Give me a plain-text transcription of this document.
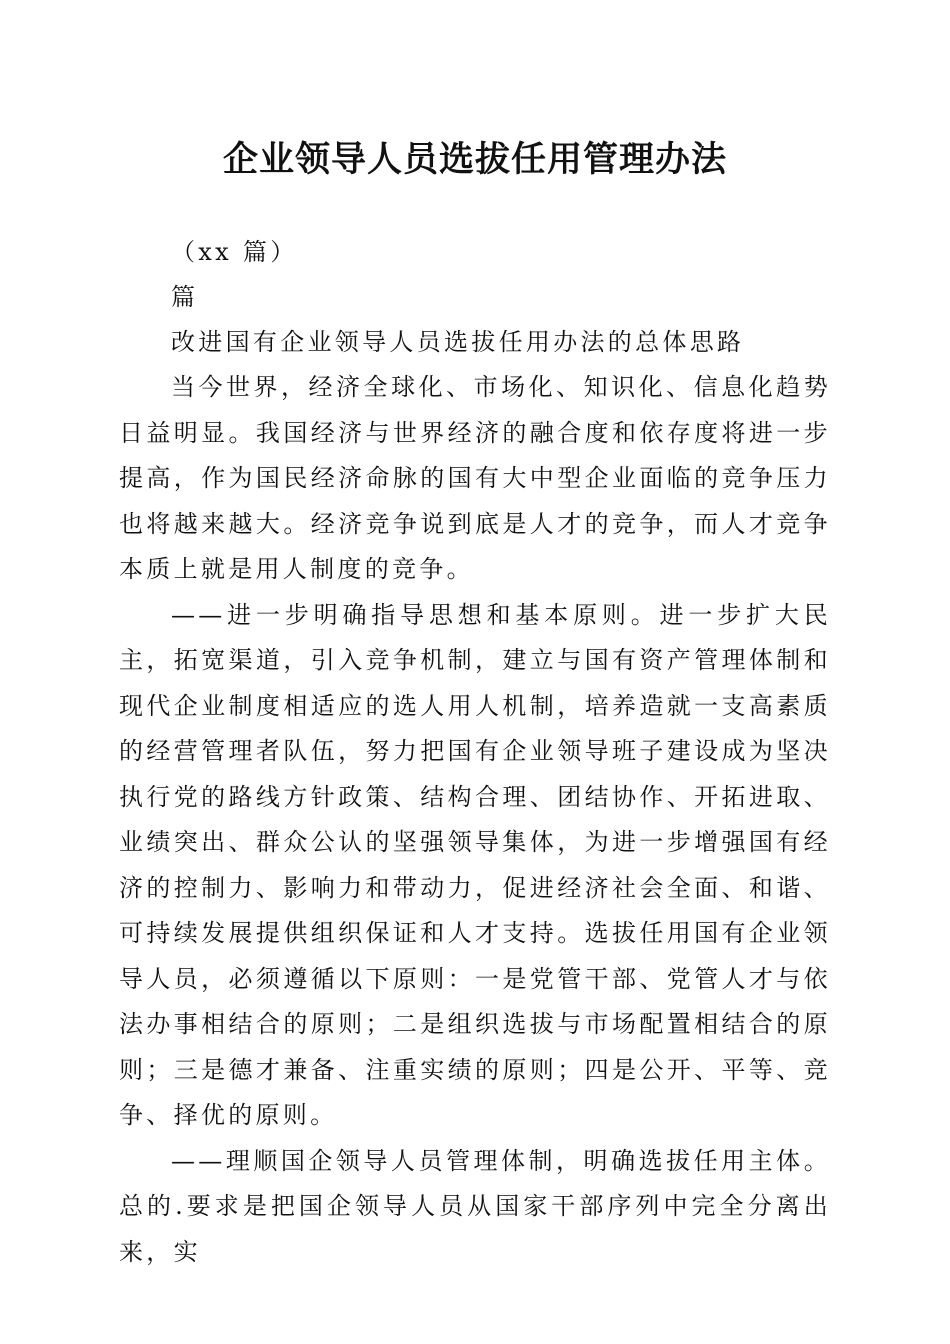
企业领导人员选拔任用管理办法
（xx 篇）
篇
改进国有企业领导人员选拔任用办法的总体思路

当今世界，经济全球化、市场化、知识化、信息化趋势日益明显。我国经济与世界经济的融合度和依存度将进一步提高，作为国民经济命脉的国有大中型企业面临的竞争压力也将越来越大。经济竞争说到底是人才的竞争，而人才竞争本质上就是用人制度的竞争。

——进一步明确指导思想和基本原则。进一步扩大民主，拓宽渠道，引入竞争机制，建立与国有资产管理体制和现代企业制度相适应的选人用人机制，培养造就一支高素质的经营管理者队伍，努力把国有企业领导班子建设成为坚决执行党的路线方针政策、结构合理、团结协作、开拓进取、业绩突出、群众公认的坚强领导集体，为进一步增强国有经济的控制力、影响力和带动力，促进经济社会全面、和谐、可持续发展提供组织保证和人才支持。选拔任用国有企业领导人员，必须遵循以下原则：一是党管干部、党管人才与依法办事相结合的原则；二是组织选拔与市场配置相结合的原则；三是德才兼备、注重实绩的原则；四是公开、平等、竞争、择优的原则。

——理顺国企领导人员管理体制，明确选拔任用主体。总的.要求是把国企领导人员从国家干部序列中完全分离出来，实
